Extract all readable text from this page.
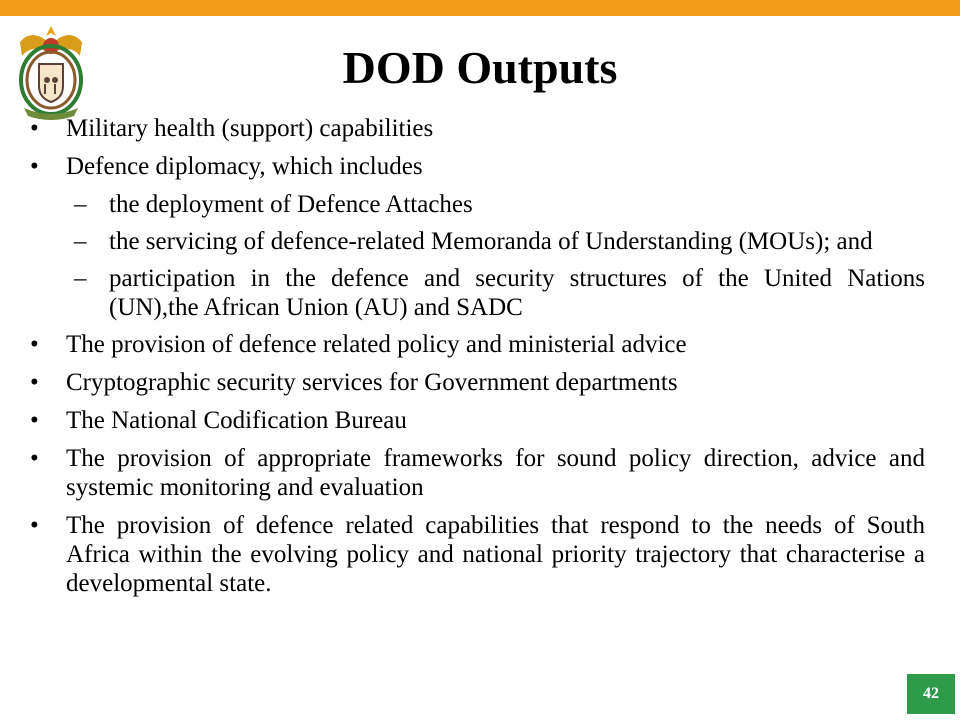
DOD Outputs
• Military health (support) capabilities
• Defence diplomacy, which includes
– the deployment of Defence Attaches
– the servicing of defence-related Memoranda of Understanding (MOUs); and
– participation in the defence and security structures of the United Nations (UN),the African Union (AU) and SADC
• The provision of defence related policy and ministerial advice
• Cryptographic security services for Government departments
• The National Codification Bureau
• The provision of appropriate frameworks for sound policy direction, advice and systemic monitoring and evaluation
• The provision of defence related capabilities that respond to the needs of South Africa within the evolving policy and national priority trajectory that characterise a developmental state.
42
